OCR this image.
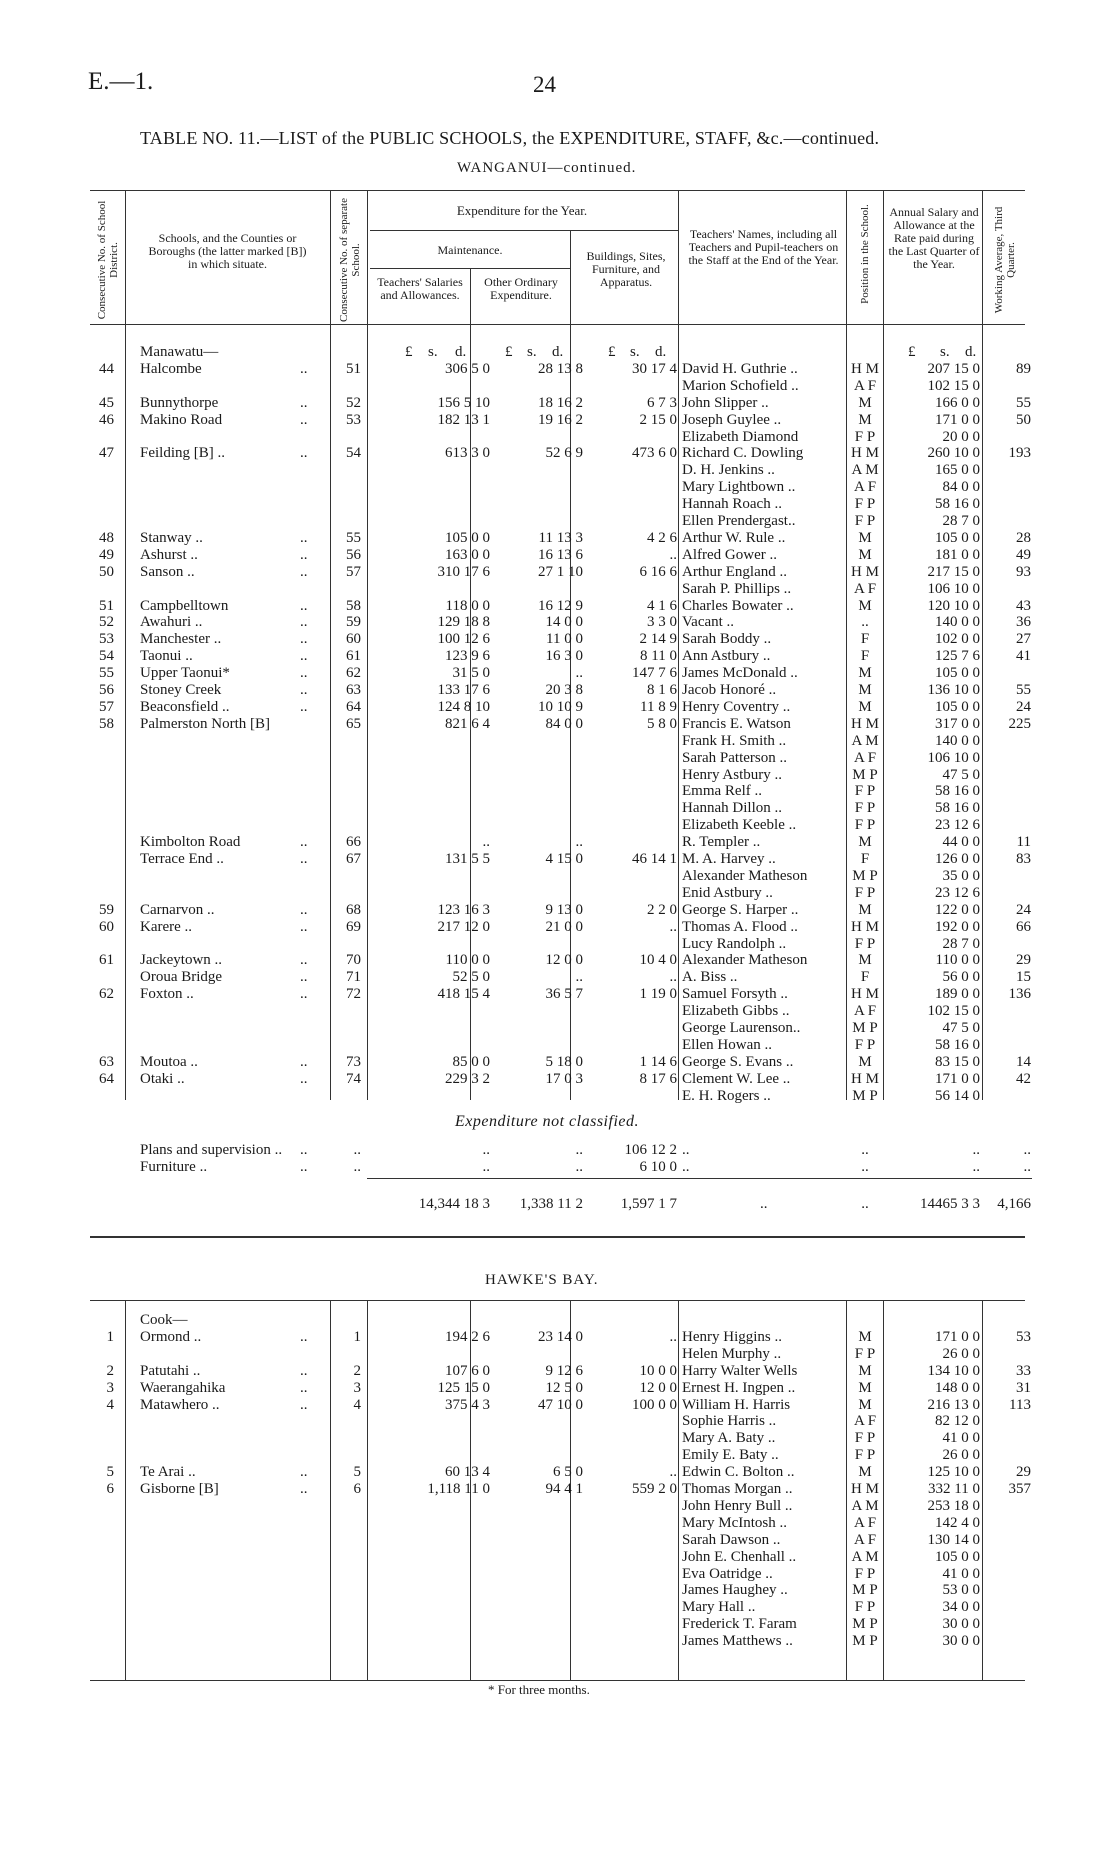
E.—1.	24
TABLE NO. 11.—LIST of the PUBLIC SCHOOLS, the EXPENDITURE, STAFF, &c.—continued.
WANGANUI—continued.
Consecutive No. of School District.
Schools, and the Counties or Boroughs (the latter marked [B]) in which situate.	Consecutive No. of separate School.
Expenditure for the Year.
Maintenance.
Teachers' Salaries and Allowances.
Other Ordinary Expenditure.
Buildings, Sites, Furniture, and Apparatus.
Teachers' Names, including all Teachers and Pupil-teachers on the Staff at the End of the Year. Position in the School. Annual Salary and Allowance at the Rate paid during the Last Quarter of the Year.	Working Average, Third Quarter.
£ s. d.	£ s. d.	£ s. d.	£ s. d.
Manawatu—
44 Halcombe	..	51	306 5 0	28 13 8	30 17 4 David H. Guthrie ..	H M	207 15 0	89
Marion Schofield ..	A F	102 15 0
45 Bunnythorpe	..	52	156 5 10	18 16 2	6 7 3 John Slipper ..	M	166 0 0	55
46 Makino Road	..	53	182 13 1	19 16 2	2 15 0 Joseph Guylee ..	M	171 0 0	50
Elizabeth Diamond	F P	20 0 0
47 Feilding [B] ..	..	54	613 3 0	52 6 9	473 6 0 Richard C. Dowling	H M	260 10 0	193
D. H. Jenkins ..	A M	165 0 0
Mary Lightbown ..	A F	84 0 0
Hannah Roach ..	F P	58 16 0
Ellen Prendergast..	F P	28 7 0
48 Stanway ..	..	55	105 0 0	11 13 3	4 2 6 Arthur W. Rule ..	M	105 0 0	28
49 Ashurst ..	..	56	163 0 0	16 13 6	.. Alfred Gower ..	M	181 0 0	49
50 Sanson ..	..	57	310 17 6	27 1 10	6 16 6 Arthur England ..	H M	217 15 0	93
Sarah P. Phillips ..	A F	106 10 0
51 Campbelltown	..	58	118 0 0	16 12 9	4 1 6 Charles Bowater ..	M	120 10 0	43
52 Awahuri ..	..	59	129 18 8	14 0 0	3 3 0 Vacant ..	..	140 0 0	36
53 Manchester ..	..	60	100 12 6	11 0 0	2 14 9 Sarah Boddy ..	F	102 0 0	27
54 Taonui ..	..	61	123 9 6	16 3 0	8 11 0 Ann Astbury ..	F	125 7 6	41
55 Upper Taonui*	..	62	31 5 0	..	147 7 6 James McDonald ..	M	105 0 0
56 Stoney Creek	..	63	133 17 6	20 3 8	8 1 6 Jacob Honoré ..	M	136 10 0	55
57 Beaconsfield ..	..	64	124 8 10	10 10 9	11 8 9 Henry Coventry ..	M	105 0 0	24
58 Palmerston North [B]	65	821 6 4	84 0 0	5 8 0 Francis E. Watson	H M	317 0 0	225
Frank H. Smith ..	A M	140 0 0
Sarah Patterson ..	A F	106 10 0
Henry Astbury ..	M P	47 5 0
Emma Relf ..	F P	58 16 0
Hannah Dillon ..	F P	58 16 0
Elizabeth Keeble ..	F P	23 12 6
Kimbolton Road	..	66	..	..	R. Templer ..	M	44 0 0	11
Terrace End ..	..	67	131 5 5	4 15 0	46 14 1 M. A. Harvey ..	F	126 0 0	83
Alexander Matheson	M P	35 0 0
Enid Astbury ..	F P	23 12 6
59 Carnarvon ..	..	68	123 16 3	9 13 0	2 2 0 George S. Harper ..	M	122 0 0	24
60 Karere ..	..	69	217 12 0	21 0 0	.. Thomas A. Flood ..	H M	192 0 0	66
Lucy Randolph ..	F P	28 7 0
61 Jackeytown ..	..	70	110 0 0	12 0 0	10 4 0 Alexander Matheson	M	110 0 0	29
Oroua Bridge	..	71	52 5 0	..	.. A. Biss ..	F	56 0 0	15
62 Foxton ..	..	72	418 15 4	36 5 7	1 19 0 Samuel Forsyth ..	H M	189 0 0	136
Elizabeth Gibbs ..	A F	102 15 0
George Laurenson..	M P	47 5 0
Ellen Howan ..	F P	58 16 0
63 Moutoa ..	..	73	85 0 0	5 18 0	1 14 6 George S. Evans ..	M	83 15 0	14
64 Otaki ..	..	74	229 3 2	17 0 3	8 17 6 Clement W. Lee ..	H M	171 0 0	42
E. H. Rogers ..	M P	56 14 0
Expenditure not classified.
Plans and supervision .. ..	..	..	..	106 12 2 ..	..	..	..
Furniture ..	..	..	..	..	6 10 0 ..	..	..	..
14,344 18 3	1,338 11 2	1,597 1 7	..	..	14465 3 3	4,166
HAWKE'S BAY.
Cook—
1 Ormond ..	..	1	194 2 6	23 14 0	.. Henry Higgins ..	M	171 0 0	53
Helen Murphy ..	F P	26 0 0
2 Patutahi ..	..	2	107 6 0	9 12 6	10 0 0 Harry Walter Wells	M	134 10 0	33
3 Waerangahika	..	3	125 15 0	12 5 0	12 0 0 Ernest H. Ingpen ..	M	148 0 0	31
4 Matawhero ..	..	4	375 4 3	47 10 0	100 0 0 William H. Harris	M	216 13 0	113
Sophie Harris ..	A F	82 12 0
Mary A. Baty ..	F P	41 0 0
Emily E. Baty ..	F P	26 0 0
5 Te Arai ..	..	5	60 13 4	6 5 0	.. Edwin C. Bolton ..	M	125 10 0	29
6 Gisborne [B]	..	6	1,118 11 0	94 4 1	559 2 0 Thomas Morgan ..	H M	332 11 0	357
John Henry Bull ..	A M	253 18 0
Mary McIntosh ..	A F	142 4 0
Sarah Dawson ..	A F	130 14 0
John E. Chenhall ..	A M	105 0 0
Eva Oatridge ..	F P	41 0 0
James Haughey ..	M P	53 0 0
Mary Hall ..	F P	34 0 0
Frederick T. Faram	M P	30 0 0
James Matthews ..	M P	30 0 0
* For three months.
